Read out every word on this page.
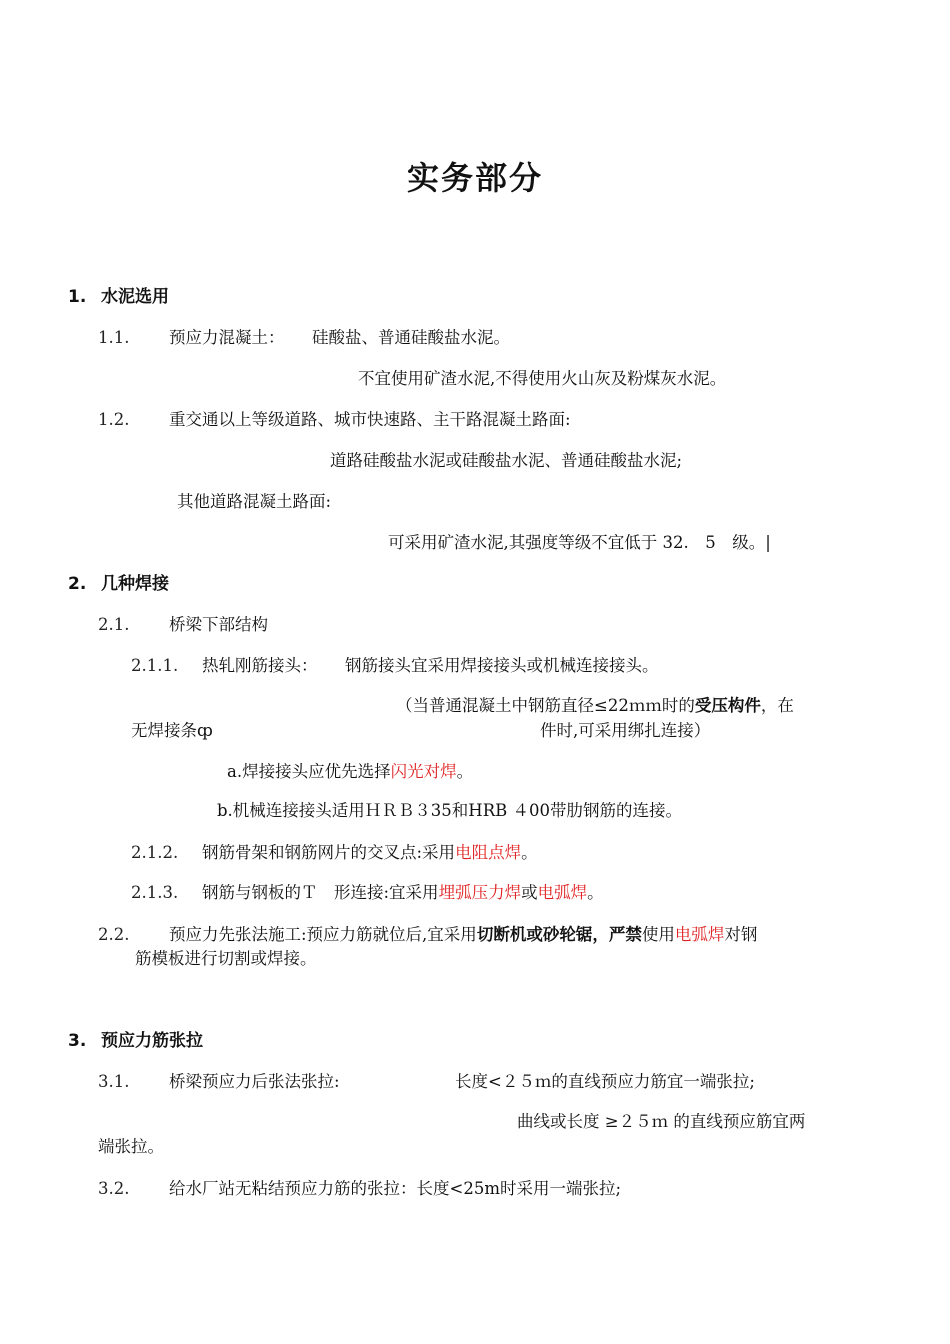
实务部分
1. 水泥选用
1.1. 预应力混凝土： 硅酸盐、普通硅酸盐水泥。
不宜使用矿渣水泥,不得使用火山灰及粉煤灰水泥。
1.2. 重交通以上等级道路、城市快速路、主干路混凝土路面:
道路硅酸盐水泥或硅酸盐水泥、普通硅酸盐水泥;
其他道路混凝土路面:
可采用矿渣水泥,其强度等级不宜低于 32.　5　级。|
2. 几种焊接
2.1. 桥梁下部结构
2.1.1. 热轧刚筋接头： 钢筋接头宜采用焊接接头或机械连接接头。
（当普通混凝土中钢筋直径≤22ｍｍ时的受压构件，在
无焊接条ȹ	件时,可采用绑扎连接）
a.焊接接头应优先选择闪光对焊。
b.机械连接接头适用ＨＲＢ３35和HRB ４00带肋钢筋的连接。
2.1.2. 钢筋骨架和钢筋网片的交叉点:采用电阻点焊。
2.1.3. 钢筋与钢板的Ｔ　形连接:宜采用埋弧压力焊或电弧焊。
2.2. 预应力先张法施工:预应力筋就位后,宜采用切断机或砂轮锯，严禁使用电弧焊对钢
筋模板进行切割或焊接。
3. 预应力筋张拉
3.1. 桥梁预应力后张法张拉:	长度<２５ｍ的直线预应力筋宜一端张拉;
曲线或长度 ≥２５ｍ 的直线预应筋宜两
端张拉。
3.2. 给水厂站无粘结预应力筋的张拉：长度<25m时采用一端张拉;
